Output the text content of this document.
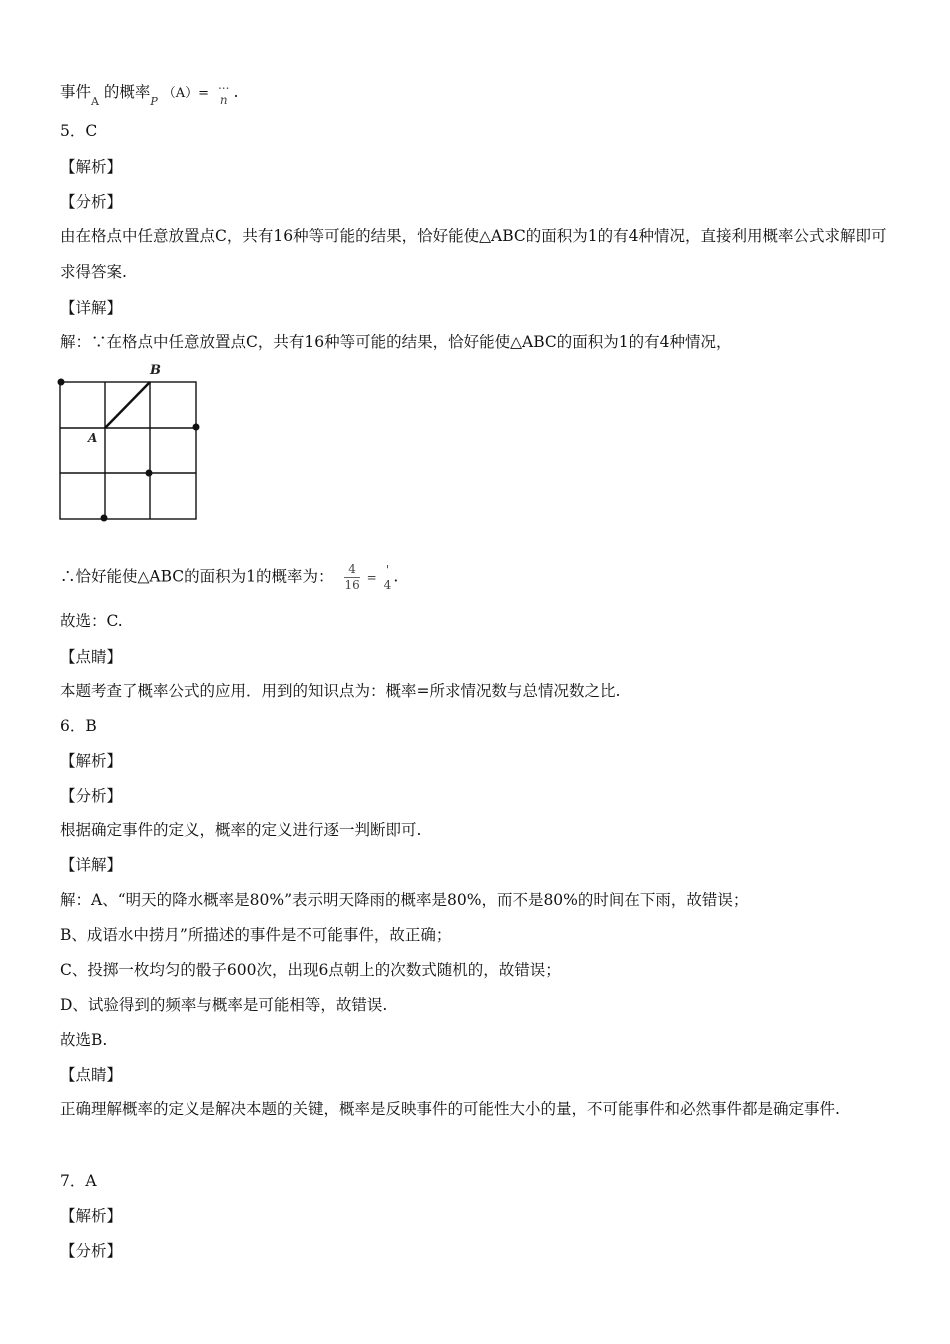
事件$_A$ 的概率$_P$ （A）=
...
n .
5．C
【解析】
【分析】
由在格点中任意放置点C，共有16种等可能的结果，恰好能使△ABC的面积为1的有4种情况，直接利用概率公式求解即可求得答案.
【详解】
解：∵在格点中任意放置点C，共有16种等可能的结果，恰好能使△ABC的面积为1的有4种情况，
B
A
∴恰好能使△ABC的面积为1的概率为： $\frac{4}{16}$ =
'
4 .
故选：C.
【点睛】
本题考查了概率公式的应用．用到的知识点为：概率=所求情况数与总情况数之比.
6．B
【解析】
【分析】
根据确定事件的定义，概率的定义进行逐一判断即可.
【详解】
解：A、“明天的降水概率是80%”表示明天降雨的概率是80%，而不是80%的时间在下雨，故错误；
B、成语水中捞月”所描述的事件是不可能事件，故正确；
C、投掷一枚均匀的骰子600次，出现6点朝上的次数式随机的，故错误；
D、试验得到的频率与概率是可能相等，故错误.
故选B.
【点睛】
正确理解概率的定义是解决本题的关键，概率是反映事件的可能性大小的量，不可能事件和必然事件都是确定事件.
7．A
【解析】
【分析】
